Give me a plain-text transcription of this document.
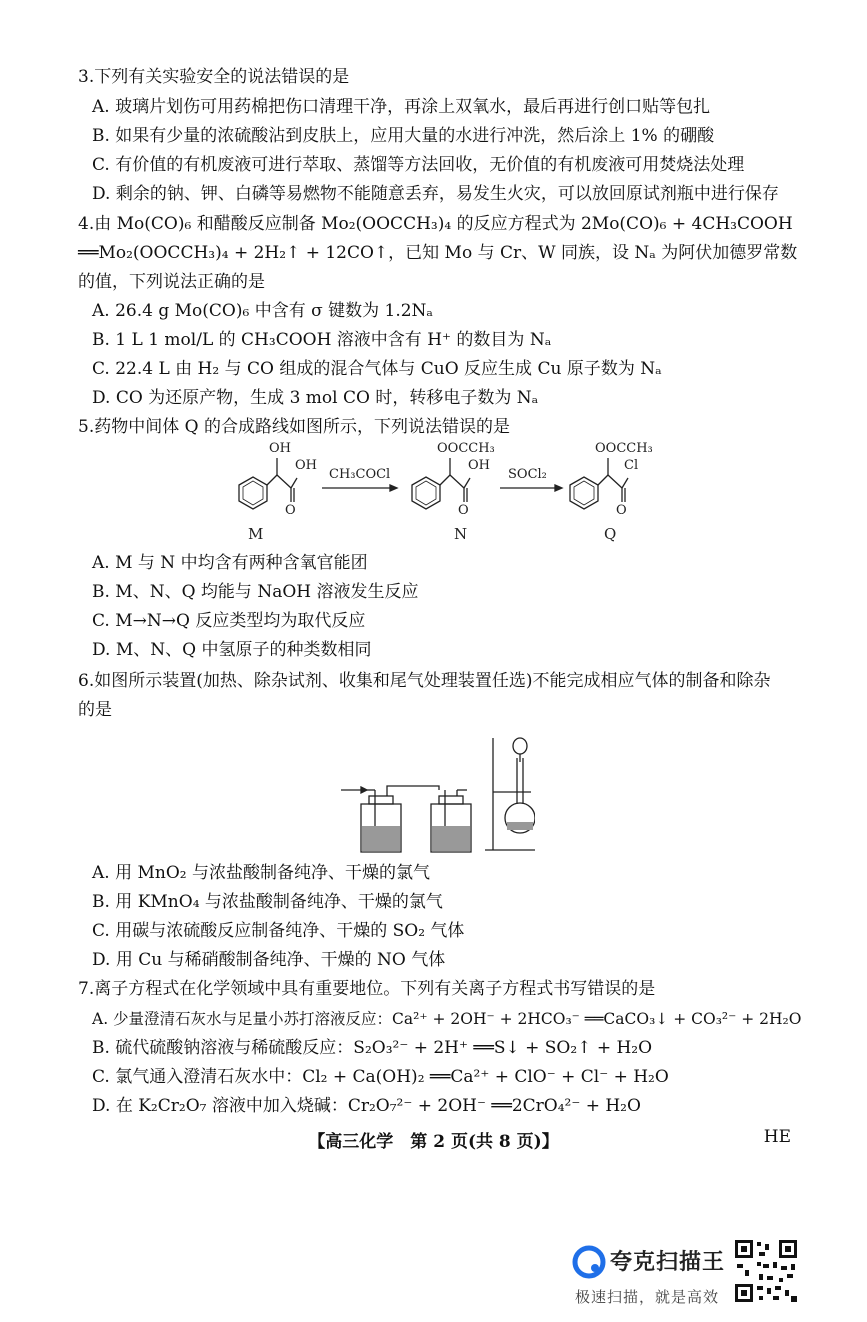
3.下列有关实验安全的说法错误的是
A. 玻璃片划伤可用药棉把伤口清理干净，再涂上双氧水，最后再进行创口贴等包扎
B. 如果有少量的浓硫酸沾到皮肤上，应用大量的水进行冲洗，然后涂上 1% 的硼酸
C. 有价值的有机废液可进行萃取、蒸馏等方法回收，无价值的有机废液可用焚烧法处理
D. 剩余的钠、钾、白磷等易燃物不能随意丢弃，易发生火灾，可以放回原试剂瓶中进行保存
4.由 Mo(CO)₆ 和醋酸反应制备 Mo₂(OOCCH₃)₄ 的反应方程式为 2Mo(CO)₆ + 4CH₃COOH
══Mo₂(OOCCH₃)₄ + 2H₂↑ + 12CO↑，已知 Mo 与 Cr、W 同族，设 Nₐ 为阿伏加德罗常数
的值，下列说法正确的是
A. 26.4 g Mo(CO)₆ 中含有 σ 键数为 1.2Nₐ
B. 1 L 1 mol/L 的 CH₃COOH 溶液中含有 H⁺ 的数目为 Nₐ
C. 22.4 L 由 H₂ 与 CO 组成的混合气体与 CuO 反应生成 Cu 原子数为 Nₐ
D. CO 为还原产物，生成 3 mol CO 时，转移电子数为 Nₐ
5.药物中间体 Q 的合成路线如图所示，下列说法错误的是
OH
OH
O
CH₃COCl
OOCCH₃
OH
O
SOCl₂
OOCCH₃
Cl
O
M	N	Q
A. M 与 N 中均含有两种含氧官能团
B. M、N、Q 均能与 NaOH 溶液发生反应
C. M→N→Q 反应类型均为取代反应
D. M、N、Q 中氢原子的种类数相同
6.如图所示装置(加热、除杂试剂、收集和尾气处理装置任选)不能完成相应气体的制备和除杂
的是
A. 用 MnO₂ 与浓盐酸制备纯净、干燥的氯气
B. 用 KMnO₄ 与浓盐酸制备纯净、干燥的氯气
C. 用碳与浓硫酸反应制备纯净、干燥的 SO₂ 气体
D. 用 Cu 与稀硝酸制备纯净、干燥的 NO 气体
7.离子方程式在化学领域中具有重要地位。下列有关离子方程式书写错误的是
A. 少量澄清石灰水与足量小苏打溶液反应：Ca²⁺ + 2OH⁻ + 2HCO₃⁻ ══CaCO₃↓ + CO₃²⁻ + 2H₂O
B. 硫代硫酸钠溶液与稀硫酸反应：S₂O₃²⁻ + 2H⁺ ══S↓ + SO₂↑ + H₂O
C. 氯气通入澄清石灰水中：Cl₂ + Ca(OH)₂ ══Ca²⁺ + ClO⁻ + Cl⁻ + H₂O
D. 在 K₂Cr₂O₇ 溶液中加入烧碱：Cr₂O₇²⁻ + 2OH⁻ ══2CrO₄²⁻ + H₂O
【高三化学　第 2 页(共 8 页)】	HE
夸克扫描王
极速扫描，就是高效
